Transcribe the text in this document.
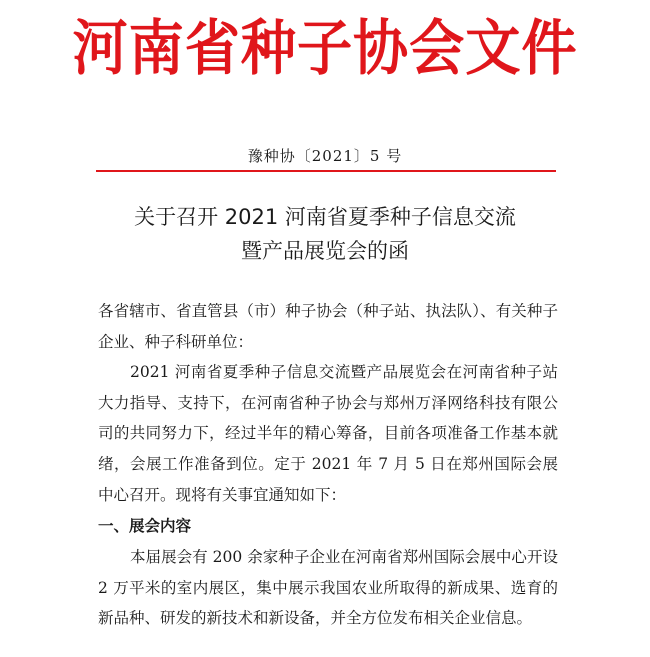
河南省种子协会文件
豫种协〔2021〕5 号
关于召开 2021 河南省夏季种子信息交流
暨产品展览会的函

各省辖市、省直管县（市）种子协会（种子站、执法队）、有关种子企业、种子科研单位：

2021 河南省夏季种子信息交流暨产品展览会在河南省种子站大力指导、支持下，在河南省种子协会与郑州万泽网络科技有限公司的共同努力下，经过半年的精心筹备，目前各项准备工作基本就绪，会展工作准备到位。定于 2021 年 7 月 5 日在郑州国际会展中心召开。现将有关事宜通知如下：

一、展会内容

本届展会有 200 余家种子企业在河南省郑州国际会展中心开设 2 万平米的室内展区，集中展示我国农业所取得的新成果、选育的新品种、研发的新技术和新设备，并全方位发布相关企业信息。
